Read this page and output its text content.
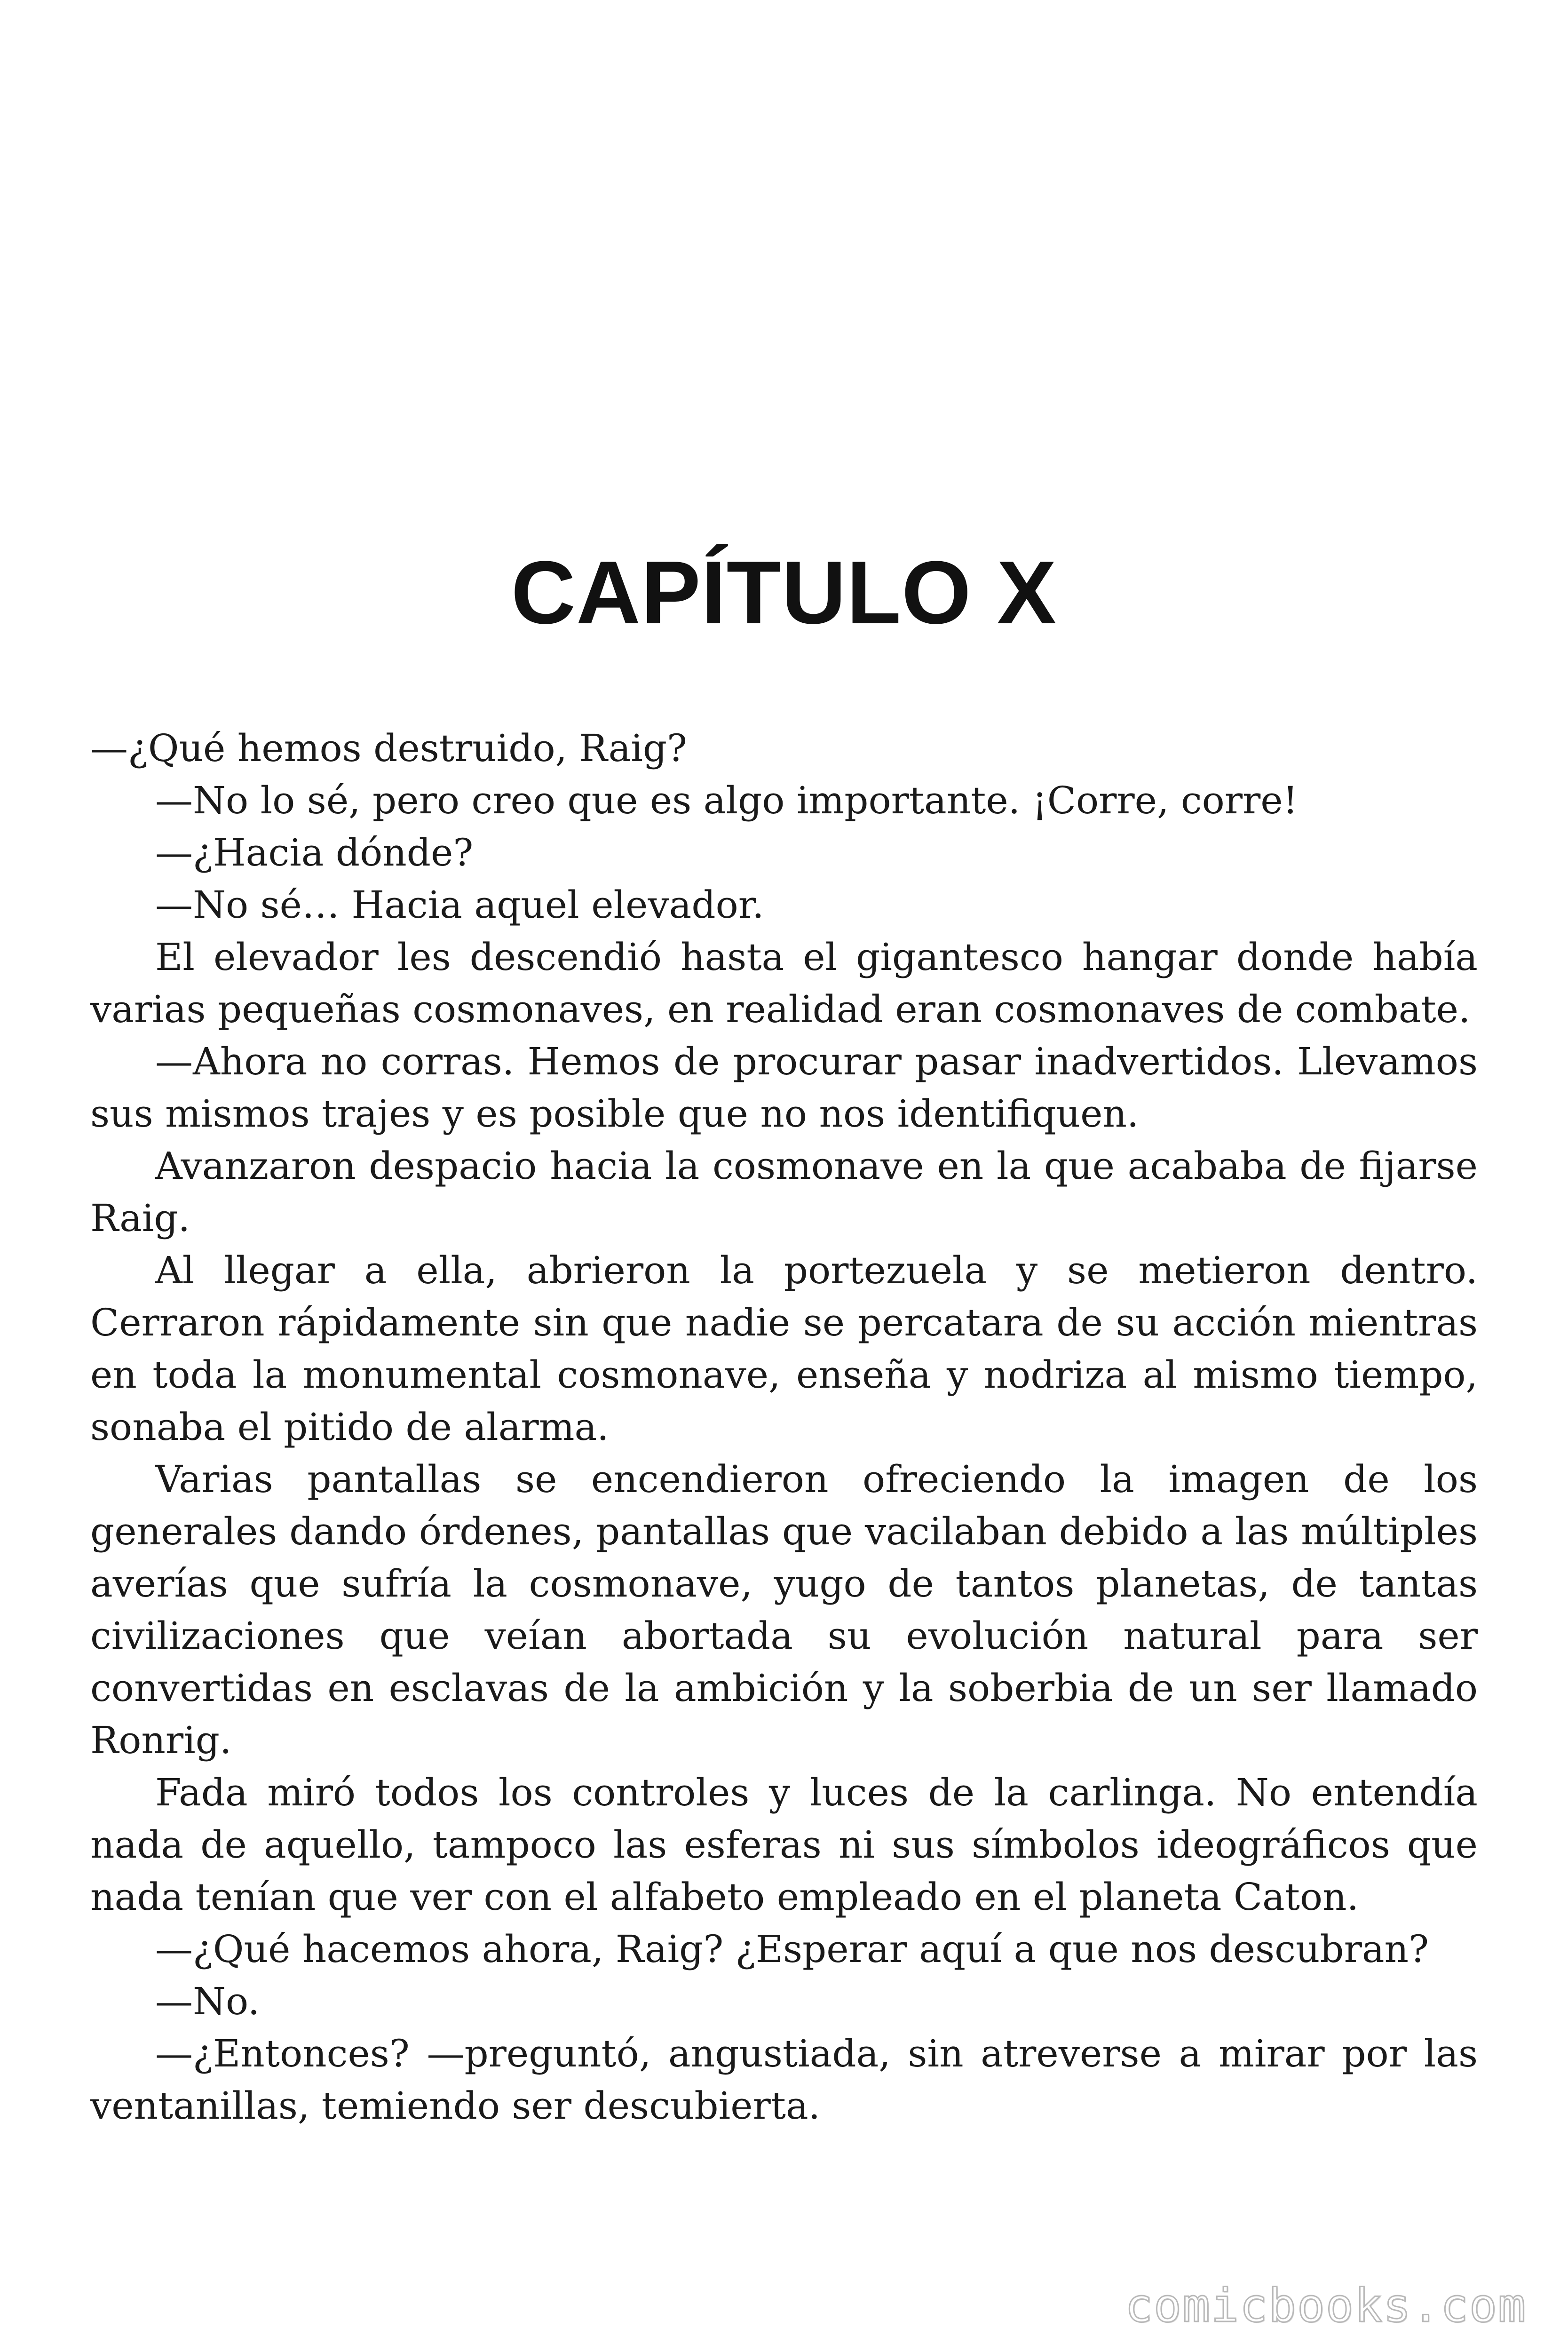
CAPÍTULO X

—¿Qué hemos destruido, Raig?

—No lo sé, pero creo que es algo importante. ¡Corre, corre!

—¿Hacia dónde?

—No sé… Hacia aquel elevador.

El elevador les descendió hasta el gigantesco hangar donde había varias pequeñas cosmonaves, en realidad eran cosmonaves de combate.

—Ahora no corras. Hemos de procurar pasar inadvertidos. Llevamos sus mismos trajes y es posible que no nos identifiquen.

Avanzaron despacio hacia la cosmonave en la que acababa de fijarse Raig.

Al llegar a ella, abrieron la portezuela y se metieron dentro. Cerraron rápidamente sin que nadie se percatara de su acción mientras en toda la monumental cosmonave, enseña y nodriza al mismo tiempo, sonaba el pitido de alarma.

Varias pantallas se encendieron ofreciendo la imagen de los generales dando órdenes, pantallas que vacilaban debido a las múltiples averías que sufría la cosmonave, yugo de tantos planetas, de tantas civilizaciones que veían abortada su evolución natural para ser convertidas en esclavas de la ambición y la soberbia de un ser llamado Ronrig.

Fada miró todos los controles y luces de la carlinga. No entendía nada de aquello, tampoco las esferas ni sus símbolos ideográficos que nada tenían que ver con el alfabeto empleado en el planeta Caton.

—¿Qué hacemos ahora, Raig? ¿Esperar aquí a que nos descubran?

—No.

—¿Entonces? —preguntó, angustiada, sin atreverse a mirar por las ventanillas, temiendo ser descubierta.

comicbooks.com
